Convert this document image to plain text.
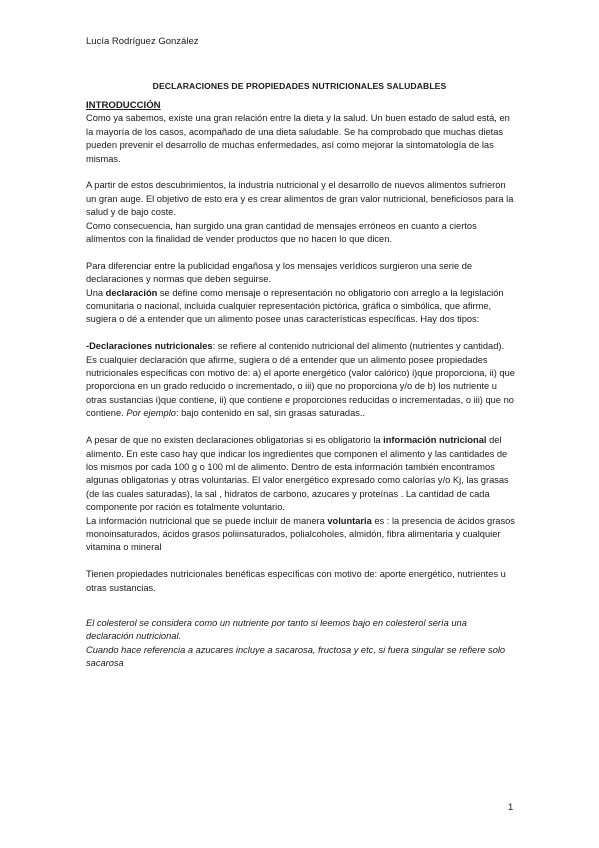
Lucía Rodríguez González
DECLARACIONES DE PROPIEDADES NUTRICIONALES SALUDABLES
INTRODUCCIÓN

Como ya sabemos, existe una gran relación entre la dieta y la salud. Un buen estado de salud está, en la mayoría de los casos, acompañado de una dieta saludable. Se ha comprobado que muchas dietas pueden prevenir el desarrollo de muchas enfermedades, así como mejorar la sintomatología de las mismas.

A partir de estos descubrimientos, la industria nutricional y el desarrollo de nuevos alimentos sufrieron un gran auge. El objetivo de esto era y es crear alimentos de gran valor nutricional, beneficiosos para la salud y de bajo coste.

Como consecuencia, han surgido una gran cantidad de mensajes erróneos en cuanto a ciertos alimentos con la finalidad de vender productos que no hacen lo que dicen.

Para diferenciar entre la publicidad engañosa y los mensajes verídicos surgieron una serie de declaraciones y normas que deben seguirse.

Una declaración se define como mensaje o representación no obligatorio con arreglo a la legislación comunitaria o nacional, incluida cualquier representación pictórica, gráfica o simbólica, que afirme, sugiera o dé a entender que un alimento posee unas características específicas. Hay dos tipos:

-Declaraciones nutricionales: se refiere al contenido nutricional del alimento (nutrientes y cantidad). Es cualquier declaración que afirme, sugiera o dé a entender que un alimento posee propiedades nutricionales específicas con motivo de: a) el aporte energético (valor calórico) i)que proporciona, ii) que proporciona en un grado reducido o incrementado, o iii) que no proporciona y/o de b) los nutriente u otras sustancias i)que contiene, ii) que contiene e proporciones reducidas o incrementadas, o iii) que no contiene. Por ejemplo: bajo contenido en sal, sin grasas saturadas..

A pesar de que no existen declaraciones obligatorias si es obligatorio la información nutricional del alimento. En este caso hay que indicar los ingredientes que componen el alimento y las cantidades de los mismos por cada 100 g o 100 ml de alimento. Dentro de esta información también encontramos algunas obligatorias y otras voluntarias. El valor energético expresado como calorías y/o Kj, las grasas (de las cuales saturadas), la sal , hidratos de carbono, azucares y proteínas . La cantidad de cada componente por ración es totalmente voluntario.

La información nutricional que se puede incluir de manera voluntaria es : la presencia de ácidos grasos monoinsaturados, ácidos grasos poliinsaturados, polialcoholes, almidón, fibra alimentaria y cualquier vitamina o mineral

Tienen propiedades nutricionales benéficas específicas con motivo de: aporte energético, nutrientes u otras sustancias.

El colesterol se considera como un nutriente por tanto si leemos bajo en colesterol sería una declaración nutricional.

Cuando hace referencia a azucares incluye a sacarosa, fructosa y etc, si fuera singular se refiere solo sacarosa

1
